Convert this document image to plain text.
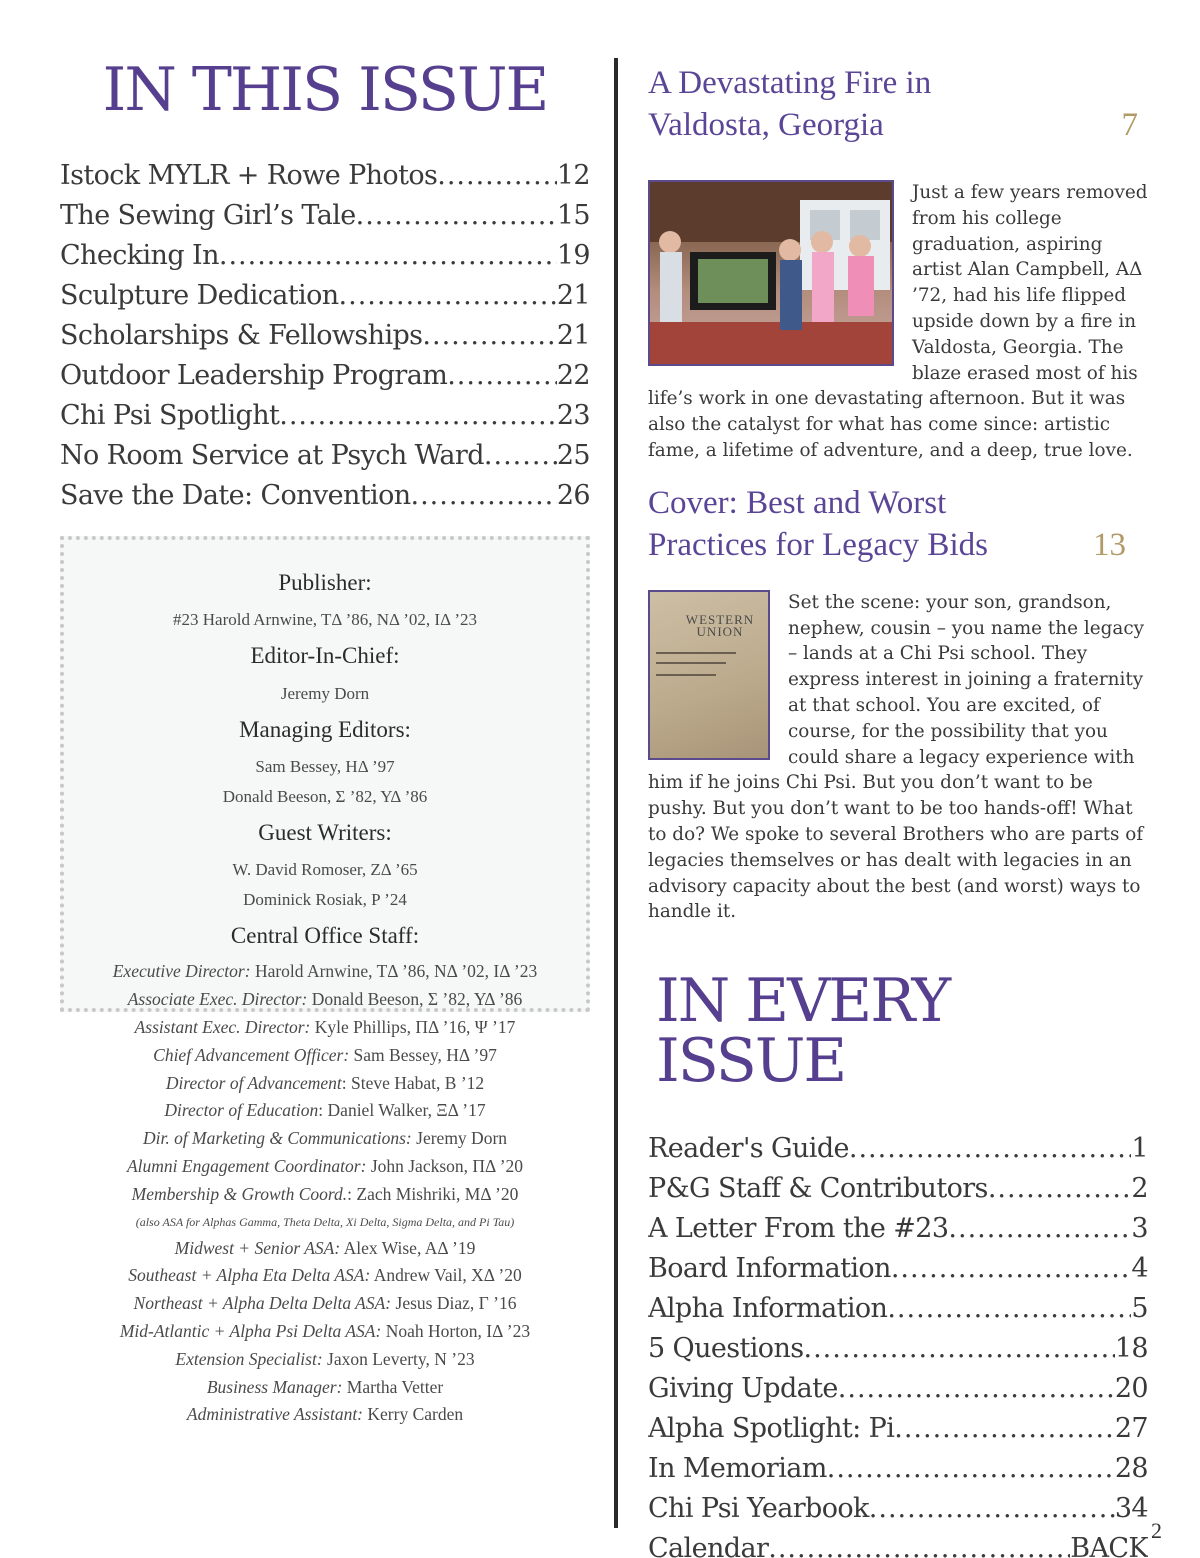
IN THIS ISSUE
Istock MYLR + Rowe Photos .....	12
The Sewing Girl’s Tale .....	15
Checking In .....	19
Sculpture Dedication .....	21
Scholarships & Fellowships .....	21
Outdoor Leadership Program .....	22
Chi Psi Spotlight .....	23
No Room Service at Psych Ward .....	25
Save the Date: Convention .....	26
Publisher:
#23 Harold Arnwine, TΔ ’86, NΔ ’02, IΔ ’23
Editor-In-Chief:
Jeremy Dorn
Managing Editors:
Sam Bessey, HΔ ’97
Donald Beeson, Σ ’82, ΥΔ ’86
Guest Writers:
W. David Romoser, ZΔ ’65
Dominick Rosiak, P ’24
Central Office Staff:
Executive Director: Harold Arnwine, TΔ ’86, NΔ ’02, IΔ ’23
Associate Exec. Director: Donald Beeson, Σ ’82, ΥΔ ’86
Assistant Exec. Director: Kyle Phillips, ΠΔ ’16, Ψ ’17
Chief Advancement Officer: Sam Bessey, HΔ ’97
Director of Advancement: Steve Habat, B ’12
Director of Education: Daniel Walker, ΞΔ ’17
Dir. of Marketing & Communications: Jeremy Dorn
Alumni Engagement Coordinator: John Jackson, ΠΔ ’20
Membership & Growth Coord.: Zach Mishriki, MΔ ’20
(also ASA for Alphas Gamma, Theta Delta, Xi Delta, Sigma Delta, and Pi Tau)
Midwest + Senior ASA: Alex Wise, AΔ ’19
Southeast + Alpha Eta Delta ASA: Andrew Vail, XΔ ’20
Northeast + Alpha Delta Delta ASA: Jesus Diaz, Γ ’16
Mid-Atlantic + Alpha Psi Delta ASA: Noah Horton, IΔ ’23
Extension Specialist: Jaxon Leverty, N ’23
Business Manager: Martha Vetter
Administrative Assistant: Kerry Carden
A Devastating Fire in
Valdosta, Georgia	7
Just a few years removed from his college graduation, aspiring artist Alan Campbell, AΔ ’72, had his life flipped upside down by a fire in Valdosta, Georgia. The blaze erased most of his life’s work in one devastating afternoon. But it was also the catalyst for what has come since: artistic fame, a lifetime of adventure, and a deep, true love.
Cover: Best and Worst
Practices for Legacy Bids	13
WESTERN UNION
Set the scene: your son, grandson, nephew, cousin – you name the legacy – lands at a Chi Psi school. They express interest in joining a fraternity at that school. You are excited, of course, for the possibility that you could share a legacy experience with him if he joins Chi Psi. But you don’t want to be pushy. But you don’t want to be too hands-off! What to do? We spoke to several Brothers who are parts of legacies themselves or has dealt with legacies in an advisory capacity about the best (and worst) ways to handle it.
IN EVERY ISSUE
Reader's Guide .....	1
P&G Staff & Contributors .....	2
A Letter From the #23 .....	3
Board Information .....	4
Alpha Information .....	5
5 Questions .....	18
Giving Update .....	20
Alpha Spotlight: Pi .....	27
In Memoriam .....	28
Chi Psi Yearbook .....	34
Calendar .....	BACK
2
